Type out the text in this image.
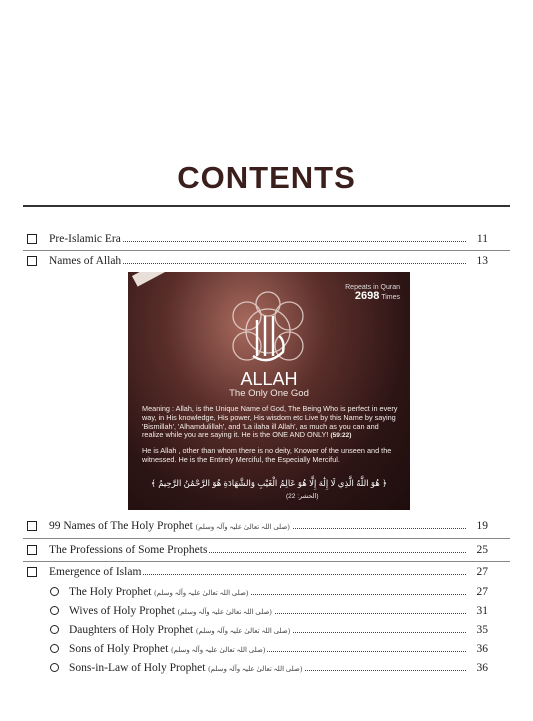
CONTENTS
Pre-Islamic Era	11
Names of Allah	13
Repeats in Quran
2698 Times
ALLAH
The Only One God
Meaning : Allah, is the Unique Name of God, The Being Who is perfect in every way, in His knowledge, His power, His wisdom etc Live by this Name by saying 'Bismillah', 'Alhamdulillah', and 'La ilaha ill Allah', as much as you can and realize while you are saying it. He is the ONE AND ONLY! (59:22)
He is Allah , other than whom there is no deity, Knower of the unseen and the witnessed. He is the Entirely Merciful, the Especially Merciful.
﴿ هُوَ اللَّهُ الَّذِي لَا إِلَٰهَ إِلَّا هُوَ عَالِمُ الْغَيْبِ وَالشَّهَادَةِ هُوَ الرَّحْمَٰنُ الرَّحِيمُ ﴾
(الحشر: 22)
99 Names of The Holy Prophet (صلی اللہ تعالیٰ علیہ وآلہ وسلم)	19
The Professions of Some Prophets	25
Emergence of Islam	27
The Holy Prophet (صلی اللہ تعالیٰ علیہ وآلہ وسلم)	27
Wives of Holy Prophet (صلی اللہ تعالیٰ علیہ وآلہ وسلم)	31
Daughters of Holy Prophet (صلی اللہ تعالیٰ علیہ وآلہ وسلم)	35
Sons of Holy Prophet (صلی اللہ تعالیٰ علیہ وآلہ وسلم)	36
Sons-in-Law of Holy Prophet (صلی اللہ تعالیٰ علیہ وآلہ وسلم)	36
